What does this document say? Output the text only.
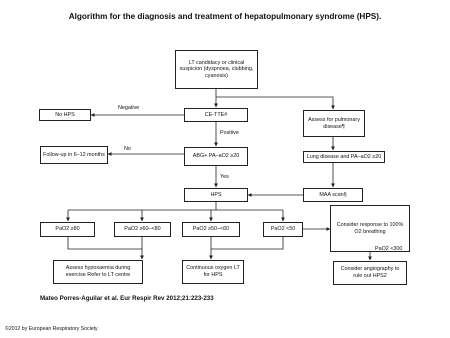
Algorithm for the diagnosis and treatment of hepatopulmonary syndrome (HPS).
LT candidacy or clinical suspicion (dyspnoea, clubbing, cyanosis)
No HPS	CE-TTE#
Assess for pulmonary disease¶
Follow-up in 6–12 months	ABG+ PA–aO2 ≥20	Lung disease and PA–aO2 ≥20
HPS	MAA scan§
PaO2 ≥80	PaO2 ≥60–<80	PaO2 ≥50–<60	PaO2 <50
Consider response to 100% O2 breathing
Assess hypoxaemia during exercise Refer to LT centre
Continuous oxygen LT for HPS
Consider angiography to rule out HPS2
Negative
Positive
No
Yes
PaO2 <300
Mateo Porres-Aguilar et al. Eur Respir Rev 2012;21:223-233
©2012 by European Respiratory Society
